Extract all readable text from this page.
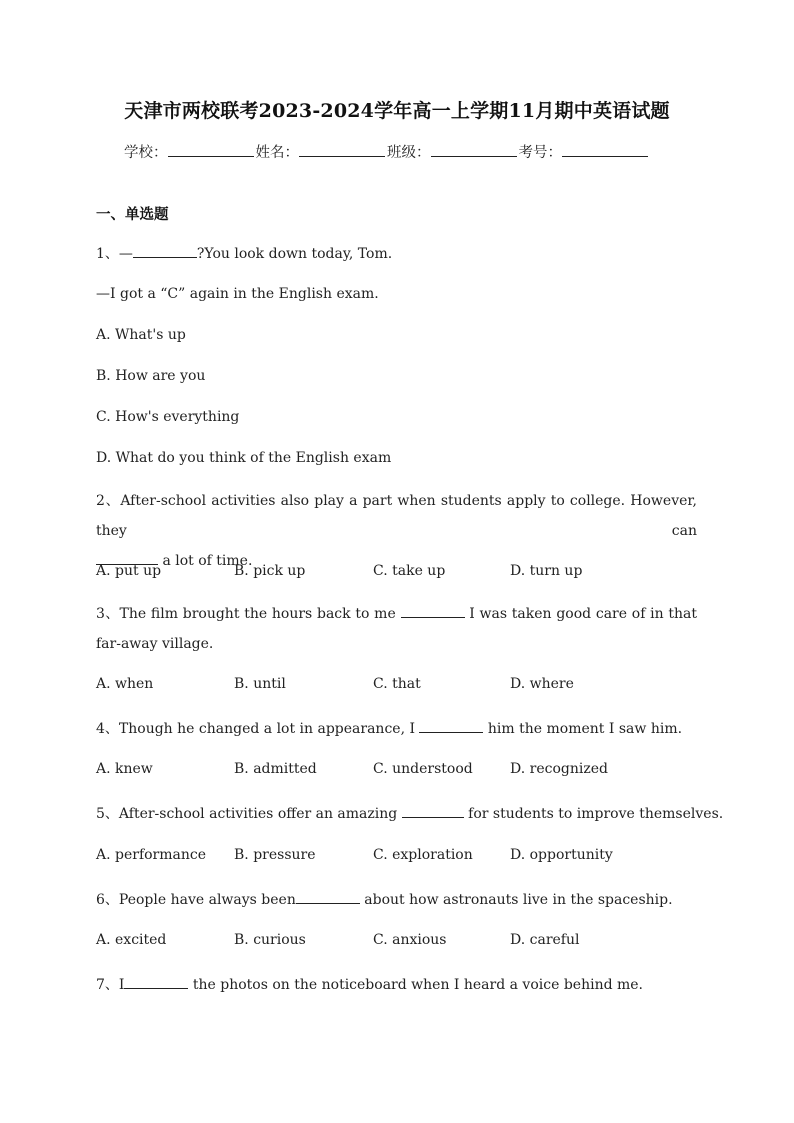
天津市两校联考2023-2024学年高一上学期11月期中英语试题
学校：	姓名：	班级：	考号：
一、单选题
1、—	?You look down today, Tom.
—I got a “C” again in the English exam.
A. What's up
B. How are you
C. How's everything
D. What do you think of the English exam
2、After-school activities also play a part when students apply to college. However, they can
a lot of time.
A. put up	B. pick up	C. take up	D. turn up
3、The film brought the hours back to me	I was taken good care of in that far-away village.
A. when	B. until	C. that	D. where
4、Though he changed a lot in appearance, I	him the moment I saw him.
A. knew	B. admitted	C. understood	D. recognized
5、After-school activities offer an amazing	for students to improve themselves.
A. performance B. pressure	C. exploration	D. opportunity
6、People have always been	about how astronauts live in the spaceship.
A. excited	B. curious	C. anxious	D. careful
7、I	the photos on the noticeboard when I heard a voice behind me.
